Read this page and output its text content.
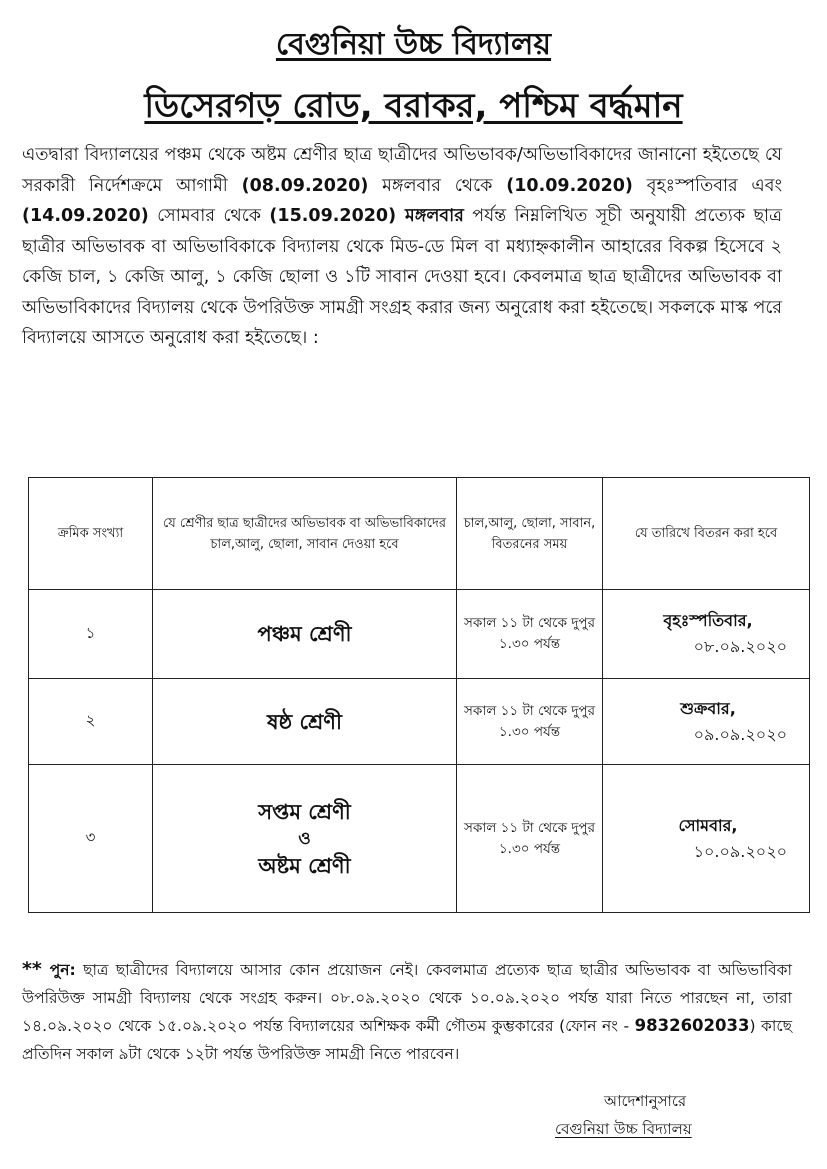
বেগুনিয়া উচ্চ বিদ্যালয়
ডিসেরগড় রোড, বরাকর, পশ্চিম বর্দ্ধমান
এতদ্বারা বিদ্যালয়ের পঞ্চম থেকে অষ্টম শ্রেণীর ছাত্র ছাত্রীদের অভিভাবক/অভিভাবিকাদের জানানো হইতেছে যে সরকারী নির্দেশক্রমে আগামী (08.09.2020) মঙ্গলবার থেকে (10.09.2020) বৃহঃস্পতিবার এবং (14.09.2020) সোমবার থেকে (15.09.2020) মঙ্গলবার পর্যন্ত নিম্নলিখিত সূচী অনুযায়ী প্রত্যেক ছাত্র ছাত্রীর অভিভাবক বা অভিভাবিকাকে বিদ্যালয় থেকে মিড-ডে মিল বা মধ্যাহ্নকালীন আহারের বিকল্প হিসেবে ২ কেজি চাল, ১ কেজি আলু, ১ কেজি ছোলা ও ১টি সাবান দেওয়া হবে। কেবলমাত্র ছাত্র ছাত্রীদের অভিভাবক বা অভিভাবিকাদের বিদ্যালয় থেকে উপরিউক্ত সামগ্রী সংগ্রহ করার জন্য অনুরোধ করা হইতেছে। সকলকে মাস্ক পরে বিদ্যালয়ে আসতে অনুরোধ করা হইতেছে। :
ক্রমিক সংখ্যা	যে শ্রেণীর ছাত্র ছাত্রীদের অভিভাবক বা অভিভাবিকাদের চাল,আলু, ছোলা, সাবান দেওয়া হবে	চাল,আলু, ছোলা, সাবান, বিতরনের সময়	যে তারিখে বিতরন করা হবে
১	পঞ্চম শ্রেণী	সকাল ১১ টা থেকে দুপুর ১.৩০ পর্যন্ত	বৃহঃস্পতিবার,
০৮.০৯.২০২০

২	ষষ্ঠ শ্রেণী	সকাল ১১ টা থেকে দুপুর ১.৩০ পর্যন্ত	শুক্রবার,
০৯.০৯.২০২০

৩	সপ্তম শ্রেণী
ও
অষ্টম শ্রেণী	সকাল ১১ টা থেকে দুপুর ১.৩০ পর্যন্ত	সোমবার,
১০.০৯.২০২০
** পুন: ছাত্র ছাত্রীদের বিদ্যালয়ে আসার কোন প্রয়োজন নেই। কেবলমাত্র প্রত্যেক ছাত্র ছাত্রীর অভিভাবক বা অভিভাবিকা উপরিউক্ত সামগ্রী বিদ্যালয় থেকে সংগ্রহ করুন। ০৮.০৯.২০২০ থেকে ১০.০৯.২০২০ পর্যন্ত যারা নিতে পারছেন না, তারা ১৪.০৯.২০২০ থেকে ১৫.০৯.২০২০ পর্যন্ত বিদ্যালয়ের অশিক্ষক কর্মী গৌতম কুম্ভকারের (ফোন নং - 9832602033) কাছে প্রতিদিন সকাল ৯টা থেকে ১২টা পর্যন্ত উপরিউক্ত সামগ্রী নিতে পারবেন।
আদেশানুসারে
বেগুনিয়া উচ্চ বিদ্যালয়
